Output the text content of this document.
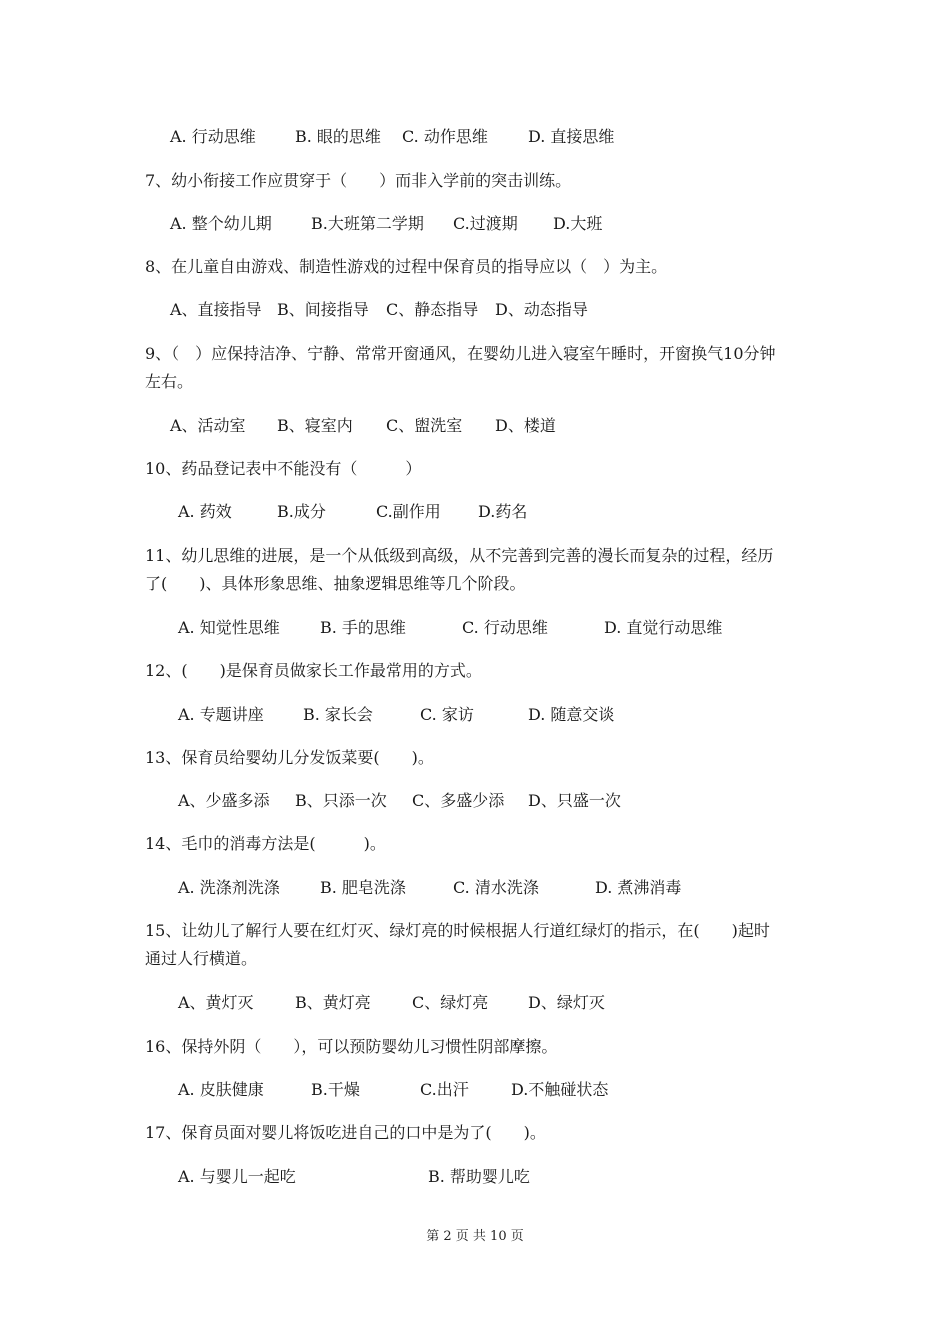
A. 行动思维

B. 眼的思维

C. 动作思维

	D. 直接思维

7、幼小衔接工作应贯穿于（　　）而非入学前的突击训练。

A. 整个幼儿期

B.大班第二学期

C.过渡期

D.大班

8、在儿童自由游戏、制造性游戏的过程中保育员的指导应以（　）为主。

A、直接指导

B、间接指导

C、静态指导

D、动态指导

9、（　）应保持洁净、宁静、常常开窗通风，在婴幼儿进入寝室午睡时，开窗换气10分钟
左右。

A、活动室

B、寝室内

C、盥洗室

D、楼道

10、药品登记表中不能没有（　　　）

A. 药效

	B.成分

	C.副作用

D.药名

11、幼儿思维的进展，是一个从低级到高级，从不完善到完善的漫长而复杂的过程，经历
了(　　)、具体形象思维、抽象逻辑思维等几个阶段。

A. 知觉性思维

	B. 手的思维

	C. 行动思维

	D. 直觉行动思维

12、(　　)是保育员做家长工作最常用的方式。

A. 专题讲座

B. 家长会

	C. 家访

	D. 随意交谈

13、保育员给婴幼儿分发饭菜要(　　)。

A、少盛多添

B、只添一次

C、多盛少添

D、只盛一次

14、毛巾的消毒方法是(　　　)。

A. 洗涤剂洗涤

	B. 肥皂洗涤

	C. 清水洗涤

	D. 煮沸消毒

15、让幼儿了解行人要在红灯灭、绿灯亮的时候根据人行道红绿灯的指示，在(　　)起时
通过人行横道。

A、黄灯灭

	B、黄灯亮

	C、绿灯亮

D、绿灯灭

16、保持外阴（　　），可以预防婴幼儿习惯性阴部摩擦。

A. 皮肤健康

	B.干燥

	C.出汗

	D.不触碰状态

17、保育员面对婴儿将饭吃进自己的口中是为了(　　)。

A. 与婴儿一起吃

	B. 帮助婴儿吃

第 2 页 共 10 页
